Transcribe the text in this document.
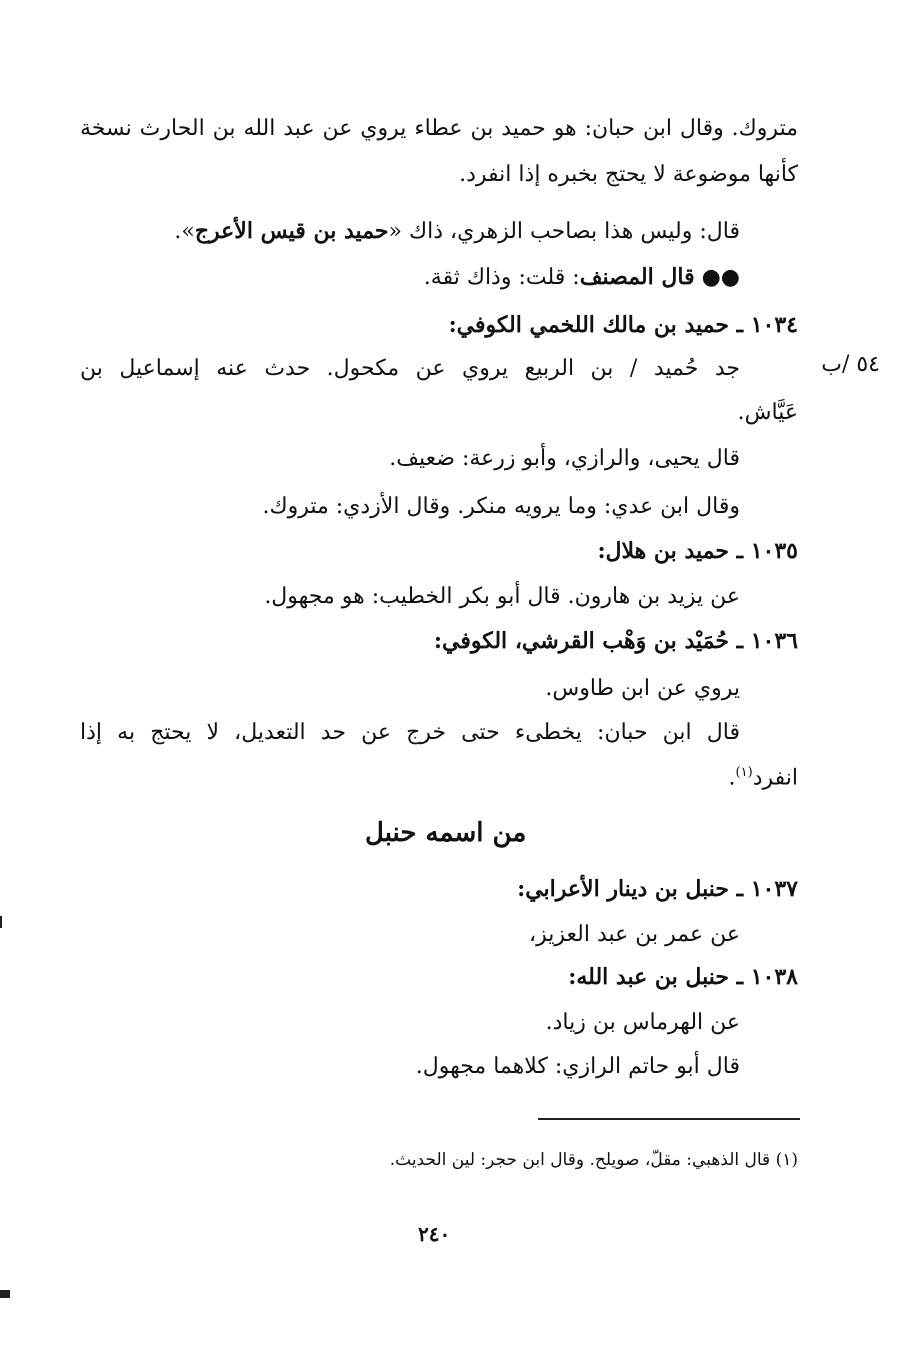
متروك. وقال ابن حبان: هو حميد بن عطاء يروي عن عبد الله بن الحارث نسخة
كأنها موضوعة لا يحتج بخبره إذا انفرد.
قال: وليس هذا بصاحب الزهري، ذاك «حميد بن قيس الأعرج».
●● قال المصنف: قلت: وذاك ثقة.
١٠٣٤ ـ حميد بن مالك اللخمي الكوفي:
٥٤ /ب
جد حُميد / بن الربيع يروي عن مكحول. حدث عنه إسماعيل بن
عَيَّاش.
قال يحيى، والرازي، وأبو زرعة: ضعيف.
وقال ابن عدي: وما يرويه منكر. وقال الأزدي: متروك.
١٠٣٥ ـ حميد بن هلال:
عن يزيد بن هارون. قال أبو بكر الخطيب: هو مجهول.
١٠٣٦ ـ حُمَيْد بن وَهْب القرشي، الكوفي:
يروي عن ابن طاوس.
قال ابن حبان: يخطىء حتى خرج عن حد التعديل، لا يحتج به إذا
انفرد$^{(١)}$.
من اسمه حنبل
١٠٣٧ ـ حنبل بن دينار الأعرابي:
عن عمر بن عبد العزيز،
١٠٣٨ ـ حنبل بن عبد الله:
عن الهرماس بن زياد.
قال أبو حاتم الرازي: كلاهما مجهول.
(١) قال الذهبي: مقلّ، صويلح. وقال ابن حجر: لين الحديث.
٢٤٠
